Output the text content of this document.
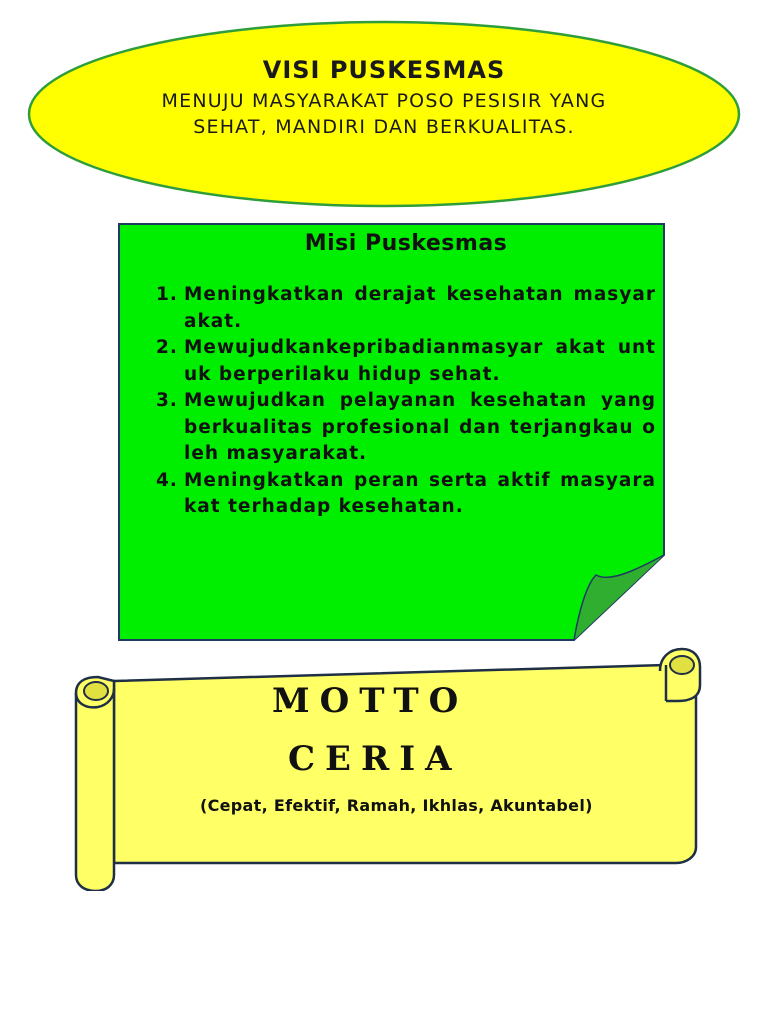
VISI PUSKESMAS
MENUJU MASYARAKAT POSO PESISIR YANG SEHAT, MANDIRI DAN BERKUALITAS.
Misi Puskesmas
1. Meningkatkan derajat kesehatan masyarakat.
2. Mewujudkankepribadianmasyar akat untuk berperilaku hidup sehat.
3. Mewujudkan pelayanan kesehatan yang berkualitas profesional dan terjangkau oleh masyarakat.
4. Meningkatkan peran serta aktif masyarakat terhadap kesehatan.
MOTTO
CERIA
(Cepat, Efektif, Ramah, Ikhlas, Akuntabel)
